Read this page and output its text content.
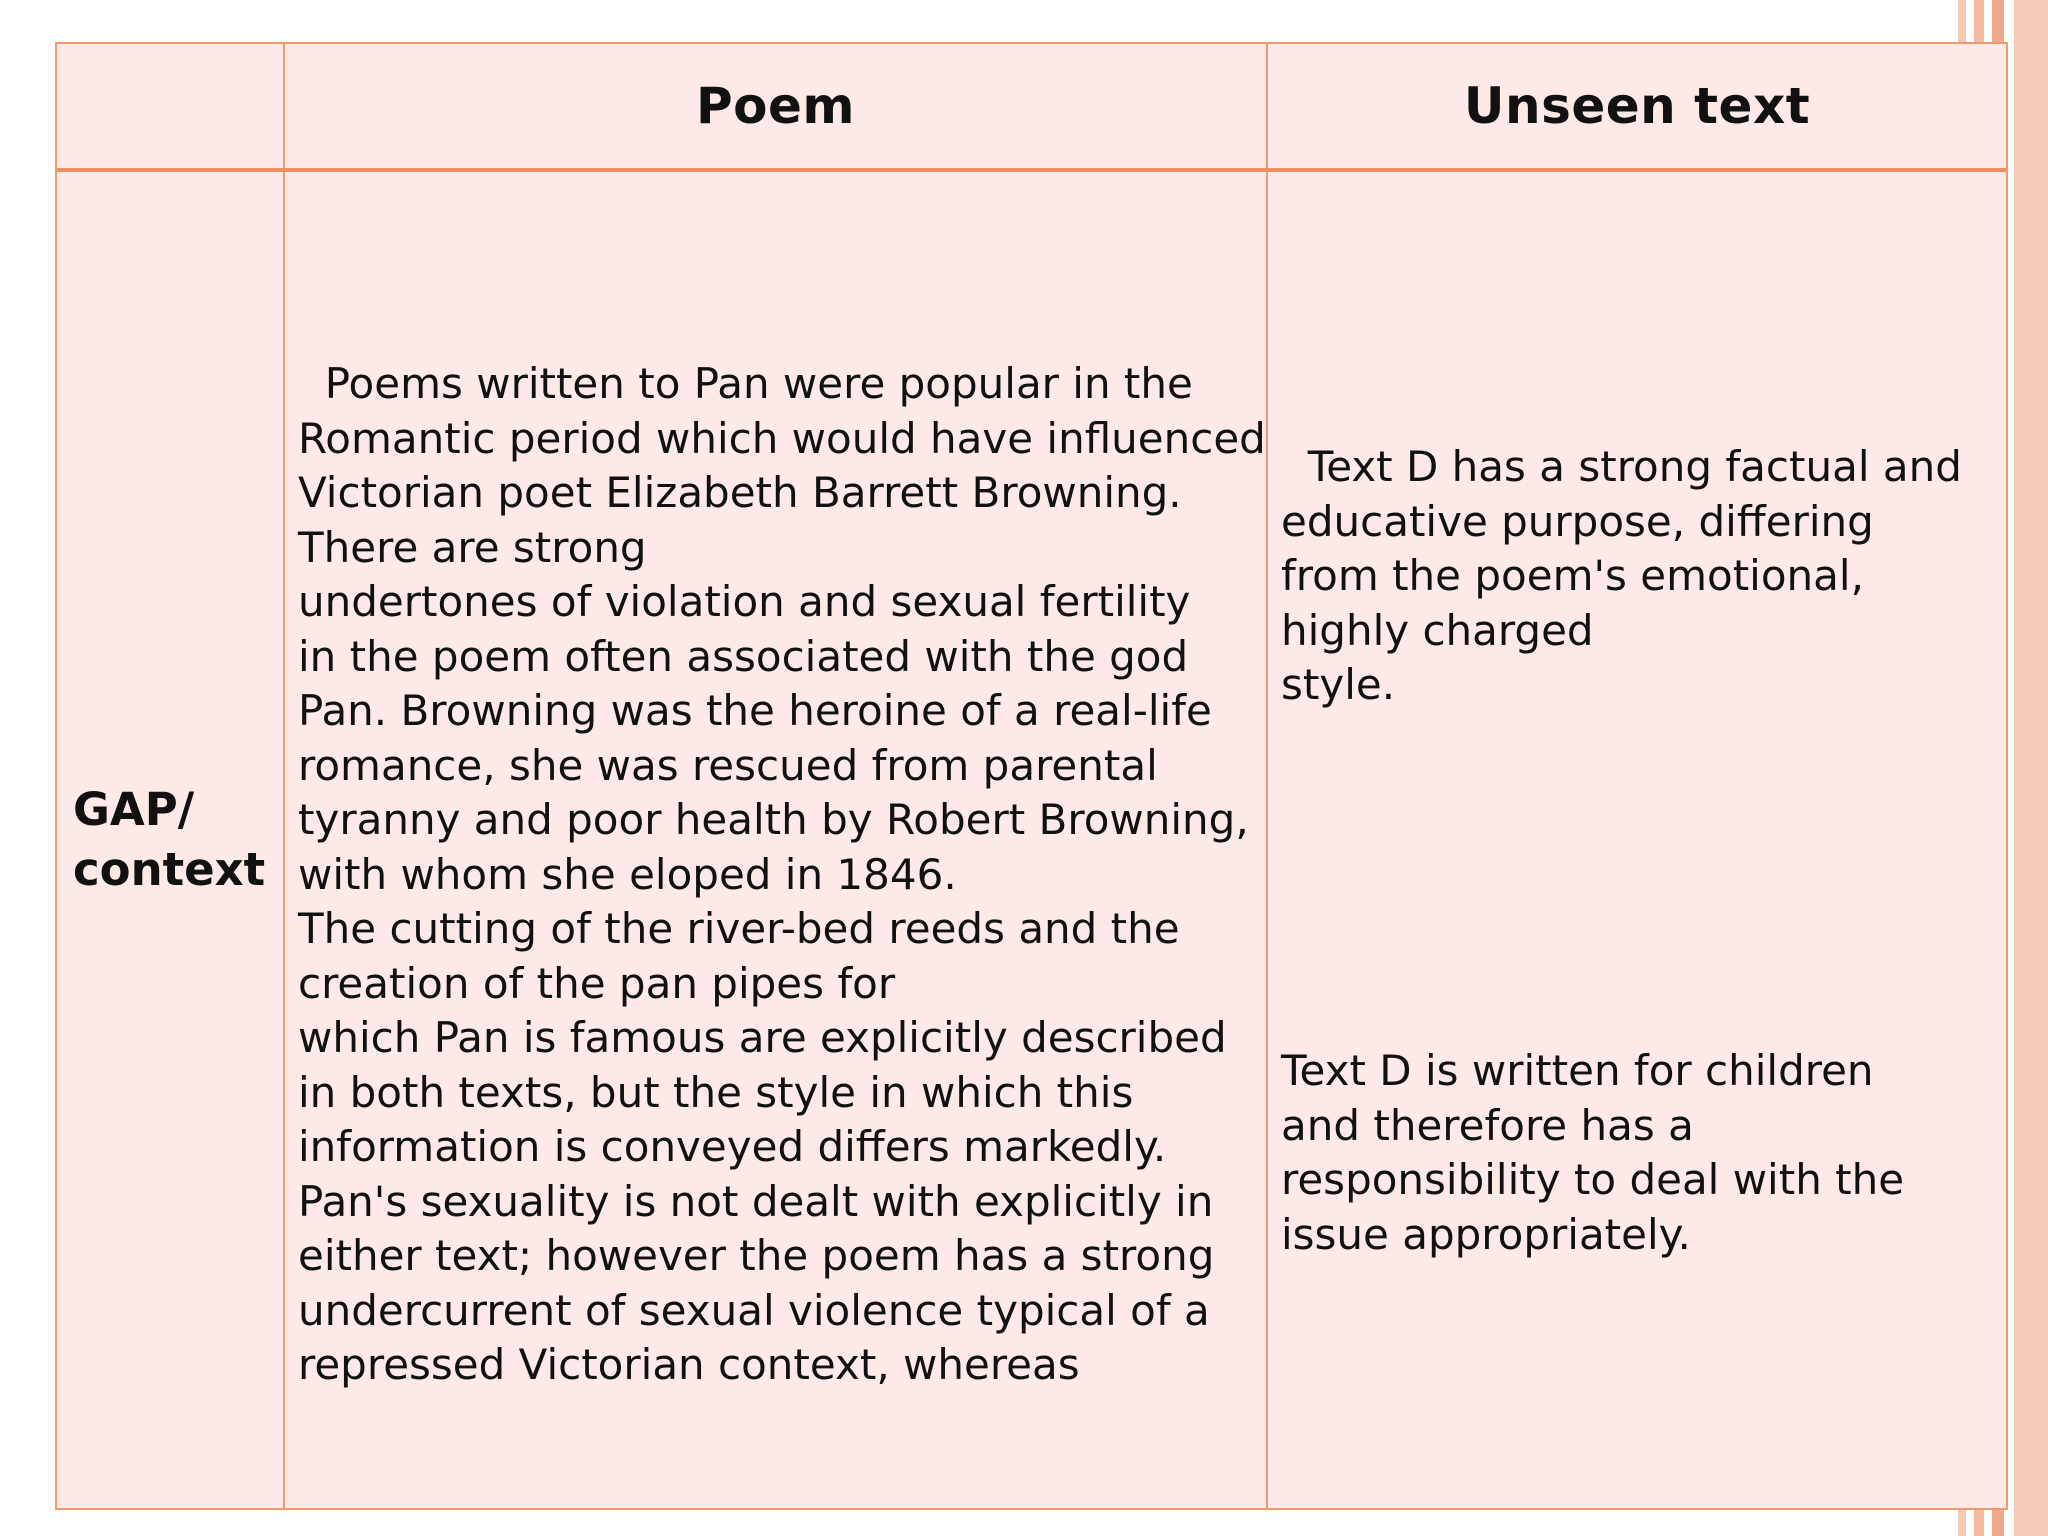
Poem	Unseen text
GAP/
context
Poems written to Pan were popular in the
Romantic period which would have influenced
Victorian poet Elizabeth Barrett Browning.
There are strong
undertones of violation and sexual fertility
in the poem often associated with the god
Pan. Browning was the heroine of a real-life
romance, she was rescued from parental
tyranny and poor health by Robert Browning,
with whom she eloped in 1846.
The cutting of the river-bed reeds and the
creation of the pan pipes for
which Pan is famous are explicitly described
in both texts, but the style in which this
information is conveyed differs markedly.
Pan's sexuality is not dealt with explicitly in
either text; however the poem has a strong
undercurrent of sexual violence typical of a
repressed Victorian context, whereas
Text D has a strong factual and
educative purpose, differing
from the poem's emotional,
highly charged
style.
Text D is written for children
and therefore has a
responsibility to deal with the
issue appropriately.
